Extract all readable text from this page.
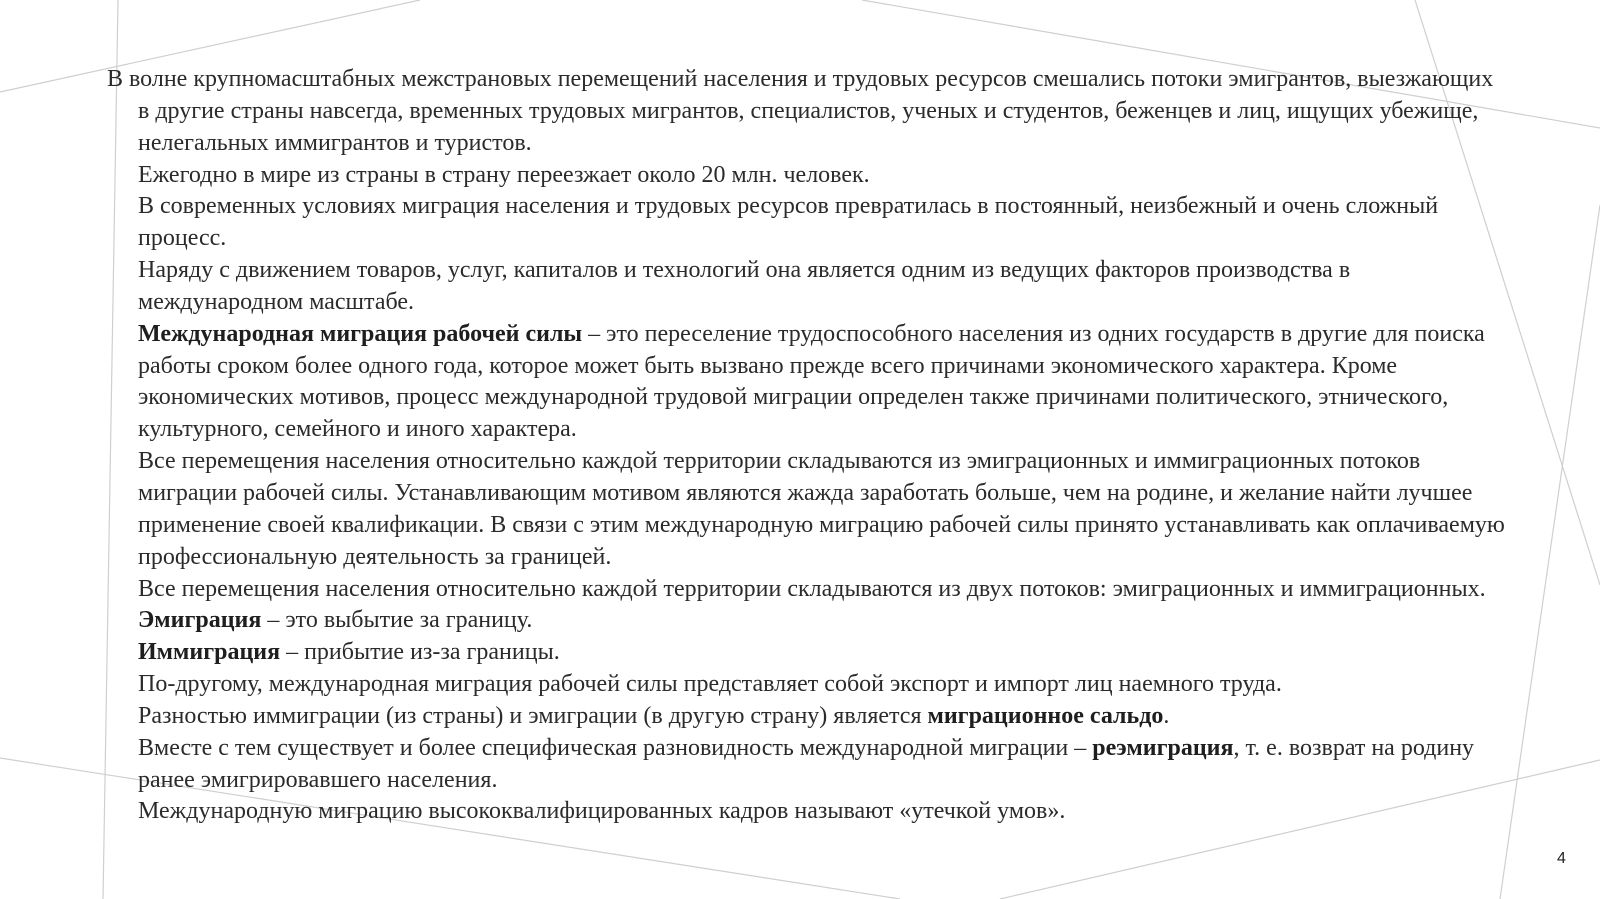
В волне крупномасштабных межстрановых перемещений населения и трудовых ресурсов смешались потоки эмигрантов, выезжающих в другие страны навсегда, временных трудовых мигрантов, специалистов, ученых и студентов, беженцев и лиц, ищущих убежище, нелегальных иммигрантов и туристов.

Ежегодно в мире из страны в страну переезжает около 20 млн. человек.

В современных условиях миграция населения и трудовых ресурсов превратилась в постоянный, неизбежный и очень сложный процесс.

Наряду с движением товаров, услуг, капиталов и технологий она является одним из ведущих факторов производства в международном масштабе.

Международная миграция рабочей силы – это переселение трудоспособного населения из одних государств в другие для поиска работы сроком более одного года, которое может быть вызвано прежде всего причинами экономического характера. Кроме экономических мотивов, процесс международной трудовой миграции определен также причинами политического, этнического, культурного, семейного и иного характера.

Все перемещения населения относительно каждой территории складываются из эмиграционных и иммиграционных потоков миграции рабочей силы. Устанавливающим мотивом являются жажда заработать больше, чем на родине, и желание найти лучшее применение своей квалификации. В связи с этим международную миграцию рабочей силы принято устанавливать как оплачиваемую профессиональную деятельность за границей.

Все перемещения населения относительно каждой территории складываются из двух потоков: эмиграционных и иммиграционных.

Эмиграция – это выбытие за границу.

Иммиграция – прибытие из-за границы.

По-другому, международная миграция рабочей силы представляет собой экспорт и импорт лиц наемного труда.

Разностью иммиграции (из страны) и эмиграции (в другую страну) является миграционное сальдо.

Вместе с тем существует и более специфическая разновидность международной миграции – реэмиграция, т. е. возврат на родину ранее эмигрировавшего населения.

Международную миграцию высококвалифицированных кадров называют «утечкой умов».

4
